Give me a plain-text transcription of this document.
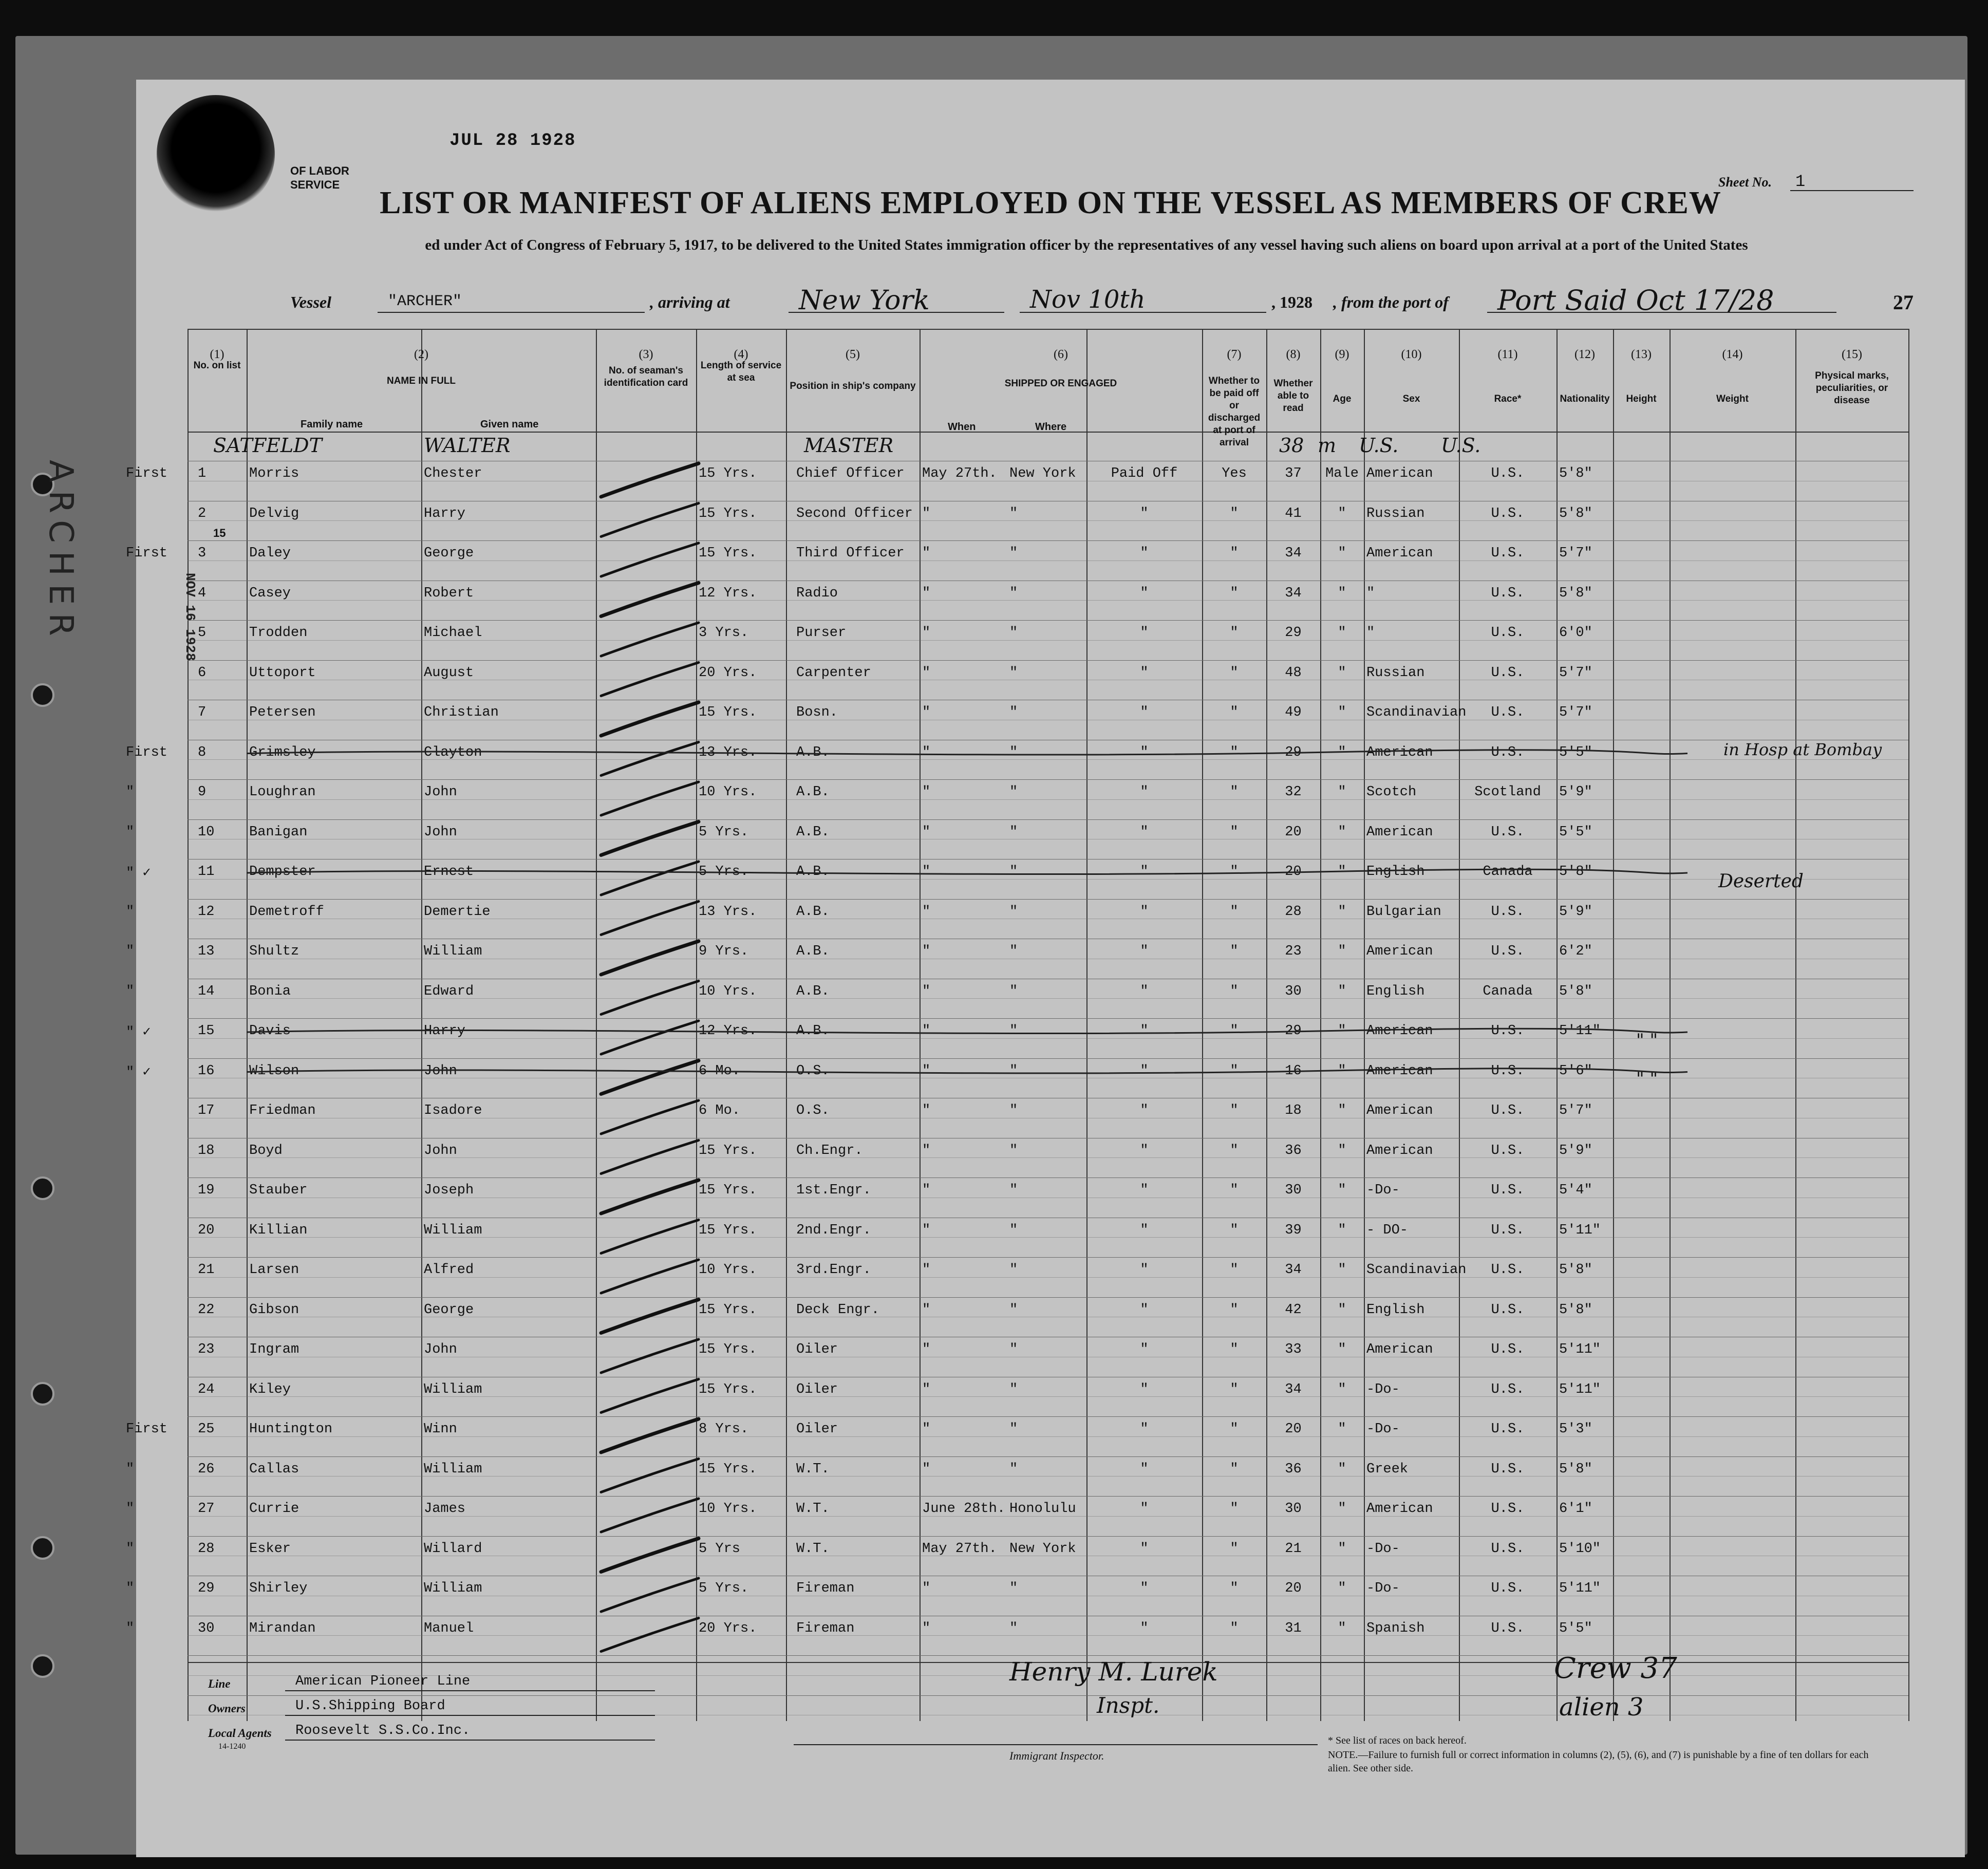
JUL 28 1928
OF LABOR
SERVICE	Sheet No. 1
LIST OR MANIFEST OF ALIENS EMPLOYED ON THE VESSEL AS MEMBERS OF CREW
ed under Act of Congress of February 5, 1917, to be delivered to the United States immigration officer by the representatives of any vessel having such aliens on board upon arrival at a port of the United States
Vessel	"ARCHER"	, arriving at	New York	Nov 10th	, 1928 , from the port of Port Said Oct 17/28	27
(1)
No. on list
(2)
NAME IN FULL
(3)
No. of seaman's identification card
(4)
Length of service at sea
(5)
Position in ship's company
(6)
SHIPPED OR ENGAGED
(7)
Whether to be paid off or discharged at port of arrival
(8)
Whether able to read
(9)
Age
(10)
Sex
(11)
Race*
(12)
Nationality
(13)
Height
(14)
Weight
(15)
Physical marks, peculiarities, or disease
15
Family name	Given name	When	Where
SATFELDT	WALTER	MASTER	38 m U.S. U.S.
First 1	Morris	Chester	15 Yrs.	Chief Officer May 27th. New York	Paid Off	Yes	37	Male American	U.S.	5'8"
2	Delvig	Harry	15 Yrs.	Second Officer "	"	"	"	41	"	Russian	U.S.	5'8"
First 3	Daley	George	15 Yrs.	Third Officer "	"	"	"	34	"	American	U.S.	5'7"
4	Casey	Robert	12 Yrs.	Radio	"	"	"	"	34	"	"	U.S.	5'8"
5	Trodden	Michael	3 Yrs.	Purser	"	"	"	"	29	"	"	U.S.	6'0"
6	Uttoport	August	20 Yrs.	Carpenter	"	"	"	"	48	"	Russian	U.S.	5'7"
7	Petersen	Christian	15 Yrs.	Bosn.	"	"	"	"	49	"	Scandinavian	U.S.	5'7"
First 8	Grimsley	Clayton	13 Yrs.	A.B.	"	"	"	"	29	"	American	U.S.	5'5"
"	9	Loughran	John	10 Yrs.	A.B.	"	"	"	"	32	"	Scotch	Scotland	5'9"
"	10	Banigan	John	5 Yrs.	A.B.	"	"	"	"	20	"	American	U.S.	5'5"
" ✓	11	Dempster	Ernest	5 Yrs.	A.B.	"	"	"	"	20	"	English	Canada	5'8"
"	12	Demetroff	Demertie	13 Yrs.	A.B.	"	"	"	"	28	"	Bulgarian	U.S.	5'9"
"	13	Shultz	William	9 Yrs.	A.B.	"	"	"	"	23	"	American	U.S.	6'2"
"	14	Bonia	Edward	10 Yrs.	A.B.	"	"	"	"	30	"	English	Canada	5'8"
" ✓	15	Davis	Harry	12 Yrs.	A.B.	"	"	"	"	29	"	American	U.S.	5'11"
" ✓	16	Wilson	John	6 Mo.	O.S.	"	"	"	"	16	"	American	U.S.	5'6"
17	Friedman	Isadore	6 Mo.	O.S.	"	"	"	"	18	"	American	U.S.	5'7"
18	Boyd	John	15 Yrs.	Ch.Engr.	"	"	"	"	36	"	American	U.S.	5'9"
19	Stauber	Joseph	15 Yrs.	1st.Engr.	"	"	"	"	30	"	-Do-	U.S.	5'4"
20	Killian	William	15 Yrs.	2nd.Engr.	"	"	"	"	39	"	- DO-	U.S.	5'11"
21	Larsen	Alfred	10 Yrs.	3rd.Engr.	"	"	"	"	34	"	Scandinavian	U.S.	5'8"
22	Gibson	George	15 Yrs.	Deck Engr.	"	"	"	"	42	"	English	U.S.	5'8"
23	Ingram	John	15 Yrs.	Oiler	"	"	"	"	33	"	American	U.S.	5'11"
24	Kiley	William	15 Yrs.	Oiler	"	"	"	"	34	"	-Do-	U.S.	5'11"
First 25	Huntington	Winn	8 Yrs.	Oiler	"	"	"	"	20	"	-Do-	U.S.	5'3"
"	26	Callas	William	15 Yrs.	W.T.	"	"	"	"	36	"	Greek	U.S.	5'8"
"	27	Currie	James	10 Yrs.	W.T.	June 28th. Honolulu	"	"	30	"	American	U.S.	6'1"
"	28	Esker	Willard	5 Yrs	W.T.	May 27th. New York	"	"	21	"	-Do-	U.S.	5'10"
"	29	Shirley	William	5 Yrs.	Fireman	"	"	"	"	20	"	-Do-	U.S.	5'11"
"	30	Mirandan	Manuel	20 Yrs.	Fireman	"	"	"	"	31	"	Spanish	U.S.	5'5"
in Hosp at Bombay
Deserted
" "
" "
ARCHER	NOV 16 1928
Line	American Pioneer Line
Owners	U.S.Shipping Board
Local Agents Roosevelt S.S.Co.Inc.
14-1240
Henry M. Lurek
Inspt.
Immigrant Inspector.
Crew 37
alien 3
* See list of races on back hereof.
NOTE.—Failure to furnish full or correct information in columns (2), (5), (6), and (7) is punishable by a fine of ten dollars for each alien. See other side.
